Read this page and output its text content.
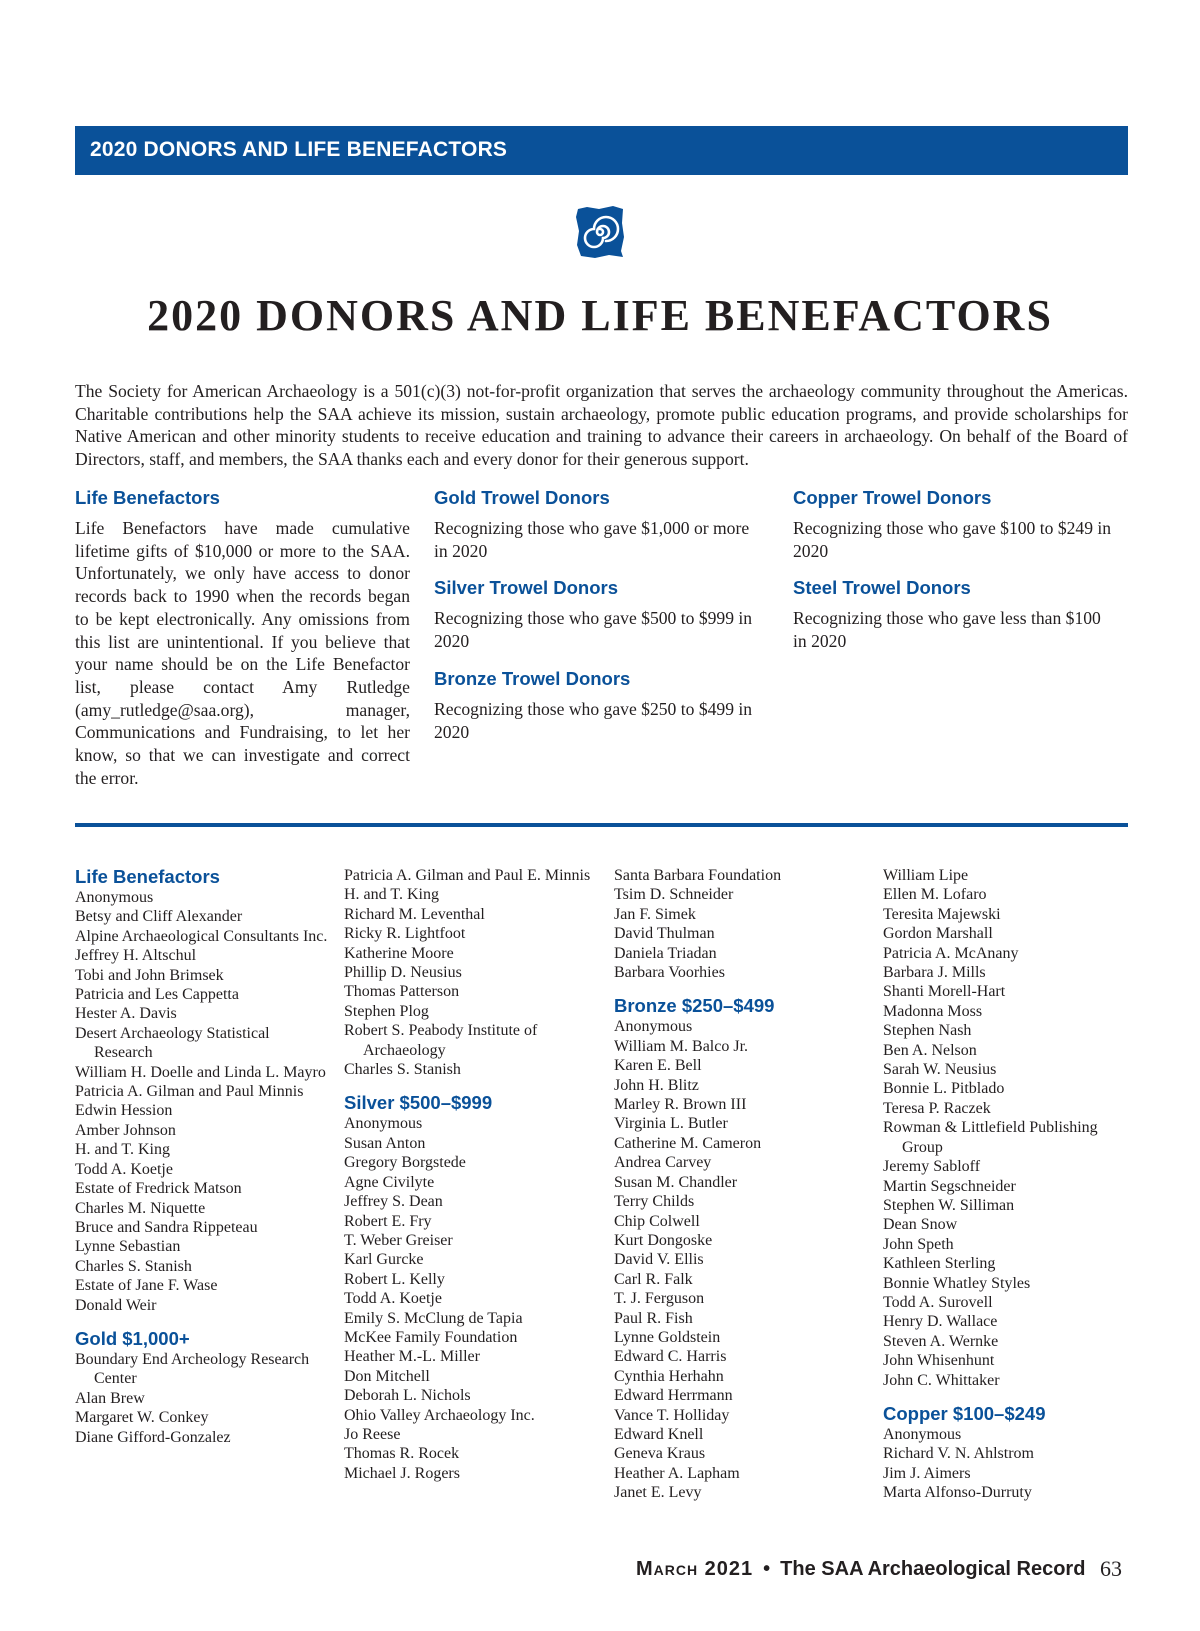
2020 DONORS AND LIFE BENEFACTORS
2020 DONORS AND LIFE BENEFACTORS

The Society for American Archaeology is a 501(c)(3) not-for-profit organization that serves the archaeology community throughout the Americas. Charitable contributions help the SAA achieve its mission, sustain archaeology, promote public education programs, and provide scholarships for Native American and other minority students to receive education and training to advance their careers in archaeology. On behalf of the Board of Directors, staff, and members, the SAA thanks each and every donor for their generous support.

Life Benefactors
Life Benefactors have made cumulative lifetime gifts of $10,000 or more to the SAA. Unfortunately, we only have access to donor records back to 1990 when the records began to be kept electronically. Any omissions from this list are unintentional. If you believe that your name should be on the Life Benefactor list, please contact Amy Rutledge (amy_rutledge@saa.org), manager, Communications and Fundraising, to let her know, so that we can investigate and correct the error.
Gold Trowel Donors
Recognizing those who gave $1,000 or more in 2020
Silver Trowel Donors
Recognizing those who gave $500 to $999 in 2020
Bronze Trowel Donors
Recognizing those who gave $250 to $499 in 2020
Copper Trowel Donors
Recognizing those who gave $100 to $249 in 2020
Steel Trowel Donors
Recognizing those who gave less than $100 in 2020
Life Benefactors
Anonymous
Betsy and Cliff Alexander
Alpine Archaeological Consultants Inc.
Jeffrey H. Altschul
Tobi and John Brimsek
Patricia and Les Cappetta
Hester A. Davis
Desert Archaeology Statistical Research
William H. Doelle and Linda L. Mayro
Patricia A. Gilman and Paul Minnis
Edwin Hession
Amber Johnson
H. and T. King
Todd A. Koetje
Estate of Fredrick Matson
Charles M. Niquette
Bruce and Sandra Rippeteau
Lynne Sebastian
Charles S. Stanish
Estate of Jane F. Wase
Donald Weir
Gold $1,000+
Boundary End Archeology Research Center
Alan Brew
Margaret W. Conkey
Diane Gifford-Gonzalez
Patricia A. Gilman and Paul E. Minnis
H. and T. King
Richard M. Leventhal
Ricky R. Lightfoot
Katherine Moore
Phillip D. Neusius
Thomas Patterson
Stephen Plog
Robert S. Peabody Institute of Archaeology
Charles S. Stanish
Silver $500–$999
Anonymous
Susan Anton
Gregory Borgstede
Agne Civilyte
Jeffrey S. Dean
Robert E. Fry
T. Weber Greiser
Karl Gurcke
Robert L. Kelly
Todd A. Koetje
Emily S. McClung de Tapia
McKee Family Foundation
Heather M.-L. Miller
Don Mitchell
Deborah L. Nichols
Ohio Valley Archaeology Inc.
Jo Reese
Thomas R. Rocek
Michael J. Rogers
Santa Barbara Foundation
Tsim D. Schneider
Jan F. Simek
David Thulman
Daniela Triadan
Barbara Voorhies
Bronze $250–$499
Anonymous
William M. Balco Jr.
Karen E. Bell
John H. Blitz
Marley R. Brown III
Virginia L. Butler
Catherine M. Cameron
Andrea Carvey
Susan M. Chandler
Terry Childs
Chip Colwell
Kurt Dongoske
David V. Ellis
Carl R. Falk
T. J. Ferguson
Paul R. Fish
Lynne Goldstein
Edward C. Harris
Cynthia Herhahn
Edward Herrmann
Vance T. Holliday
Edward Knell
Geneva Kraus
Heather A. Lapham
Janet E. Levy
William Lipe
Ellen M. Lofaro
Teresita Majewski
Gordon Marshall
Patricia A. McAnany
Barbara J. Mills
Shanti Morell-Hart
Madonna Moss
Stephen Nash
Ben A. Nelson
Sarah W. Neusius
Bonnie L. Pitblado
Teresa P. Raczek
Rowman & Littlefield Publishing Group
Jeremy Sabloff
Martin Segschneider
Stephen W. Silliman
Dean Snow
John Speth
Kathleen Sterling
Bonnie Whatley Styles
Todd A. Surovell
Henry D. Wallace
Steven A. Wernke
John Whisenhunt
John C. Whittaker
Copper $100–$249
Anonymous
Richard V. N. Ahlstrom
Jim J. Aimers
Marta Alfonso-Durruty
March 2021 • The SAA Archaeological Record 63
